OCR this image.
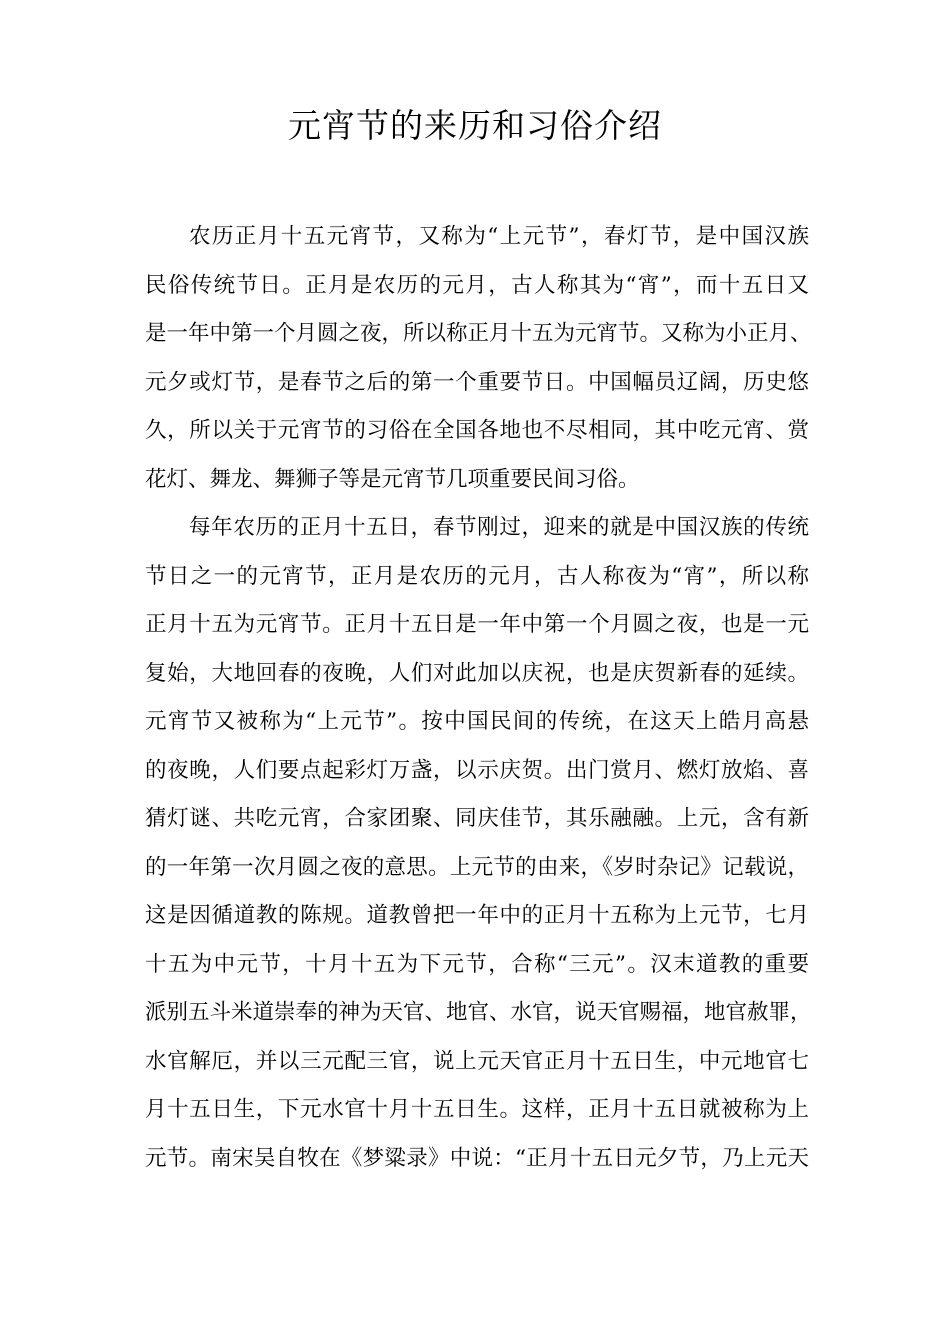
元宵节的来历和习俗介绍
农历正月十五元宵节，又称为“上元节”，春灯节，是中国汉族
民俗传统节日。正月是农历的元月，古人称其为“宵”，而十五日又
是一年中第一个月圆之夜，所以称正月十五为元宵节。又称为小正月、
元夕或灯节，是春节之后的第一个重要节日。中国幅员辽阔，历史悠
久，所以关于元宵节的习俗在全国各地也不尽相同，其中吃元宵、赏
花灯、舞龙、舞狮子等是元宵节几项重要民间习俗。
每年农历的正月十五日，春节刚过，迎来的就是中国汉族的传统
节日之一的元宵节，正月是农历的元月，古人称夜为“宵”，所以称
正月十五为元宵节。正月十五日是一年中第一个月圆之夜，也是一元
复始，大地回春的夜晚，人们对此加以庆祝，也是庆贺新春的延续。
元宵节又被称为“上元节”。按中国民间的传统，在这天上皓月高悬
的夜晚，人们要点起彩灯万盏，以示庆贺。出门赏月、燃灯放焰、喜
猜灯谜、共吃元宵，合家团聚、同庆佳节，其乐融融。上元，含有新
的一年第一次月圆之夜的意思。上元节的由来，《岁时杂记》记载说，
这是因循道教的陈规。道教曾把一年中的正月十五称为上元节，七月
十五为中元节，十月十五为下元节，合称“三元”。汉末道教的重要
派别五斗米道崇奉的神为天官、地官、水官，说天官赐福，地官赦罪，
水官解厄，并以三元配三官，说上元天官正月十五日生，中元地官七
月十五日生，下元水官十月十五日生。这样，正月十五日就被称为上
元节。南宋吴自牧在《梦粱录》中说：“正月十五日元夕节，乃上元天
